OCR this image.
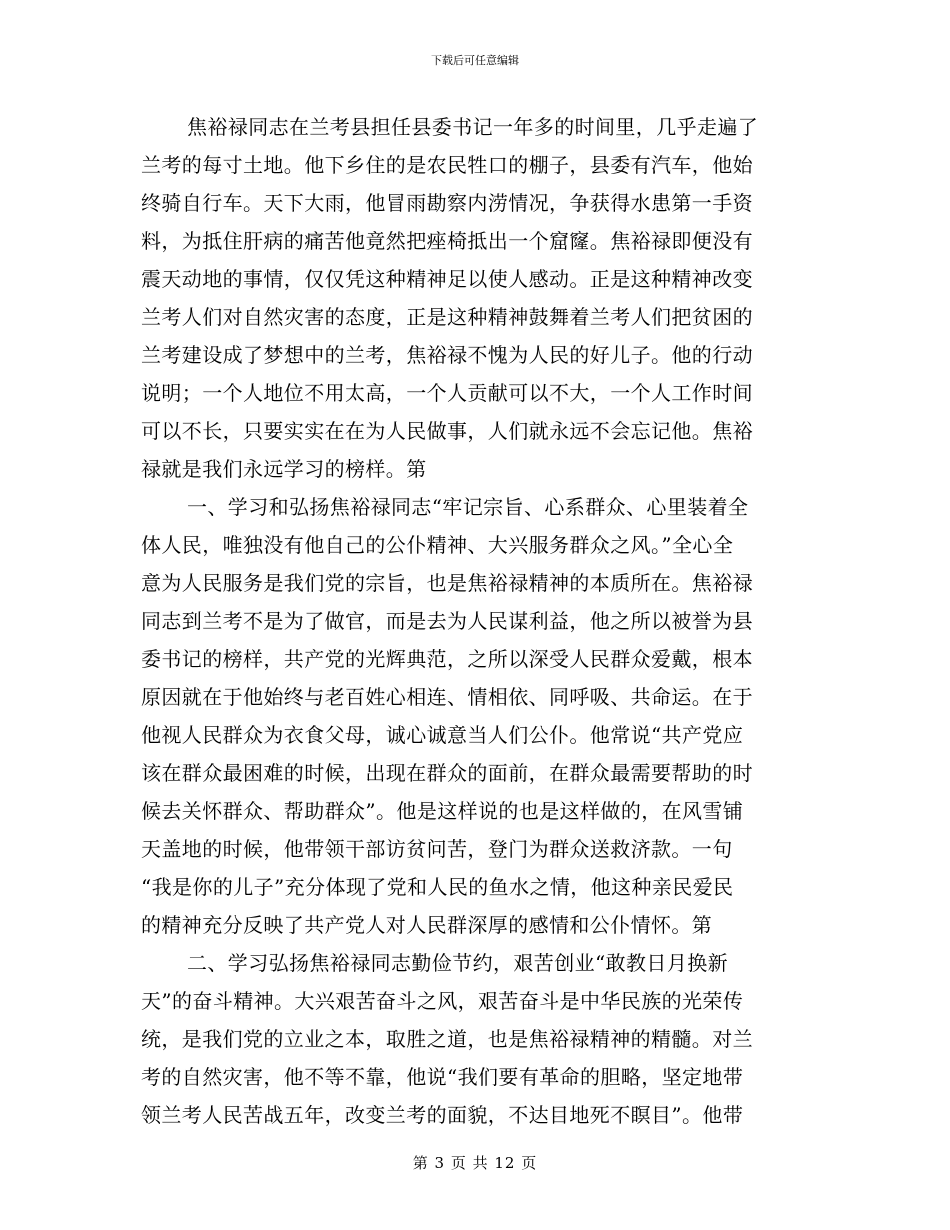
下载后可任意编辑
焦裕禄同志在兰考县担任县委书记一年多的时间里，几乎走遍了
兰考的每寸土地。他下乡住的是农民牲口的棚子，县委有汽车，他始
终骑自行车。天下大雨，他冒雨勘察内涝情况，争获得水患第一手资
料，为抵住肝病的痛苦他竟然把痤椅抵出一个窟窿。焦裕禄即便没有
震天动地的事情，仅仅凭这种精神足以使人感动。正是这种精神改变
兰考人们对自然灾害的态度，正是这种精神鼓舞着兰考人们把贫困的
兰考建设成了梦想中的兰考，焦裕禄不愧为人民的好儿子。他的行动
说明；一个人地位不用太高，一个人贡献可以不大，一个人工作时间
可以不长，只要实实在在为人民做事，人们就永远不会忘记他。焦裕
禄就是我们永远学习的榜样。第
一、学习和弘扬焦裕禄同志“牢记宗旨、心系群众、心里装着全
体人民，唯独没有他自己的公仆精神、大兴服务群众之风。”全心全
意为人民服务是我们党的宗旨，也是焦裕禄精神的本质所在。焦裕禄
同志到兰考不是为了做官，而是去为人民谋利益，他之所以被誉为县
委书记的榜样，共产党的光辉典范，之所以深受人民群众爱戴，根本
原因就在于他始终与老百姓心相连、情相依、同呼吸、共命运。在于
他视人民群众为衣食父母，诚心诚意当人们公仆。他常说“共产党应
该在群众最困难的时候，出现在群众的面前，在群众最需要帮助的时
候去关怀群众、帮助群众”。他是这样说的也是这样做的，在风雪铺
天盖地的时候，他带领干部访贫问苦，登门为群众送救济款。一句
“我是你的儿子”充分体现了党和人民的鱼水之情，他这种亲民爱民
的精神充分反映了共产党人对人民群深厚的感情和公仆情怀。第
二、学习弘扬焦裕禄同志勤俭节约，艰苦创业“敢教日月换新
天”的奋斗精神。大兴艰苦奋斗之风，艰苦奋斗是中华民族的光荣传
统，是我们党的立业之本，取胜之道，也是焦裕禄精神的精髓。对兰
考的自然灾害，他不等不靠，他说“我们要有革命的胆略，坚定地带
领兰考人民苦战五年，改变兰考的面貌，不达目地死不瞑目”。他带
第 3 页 共 12 页
